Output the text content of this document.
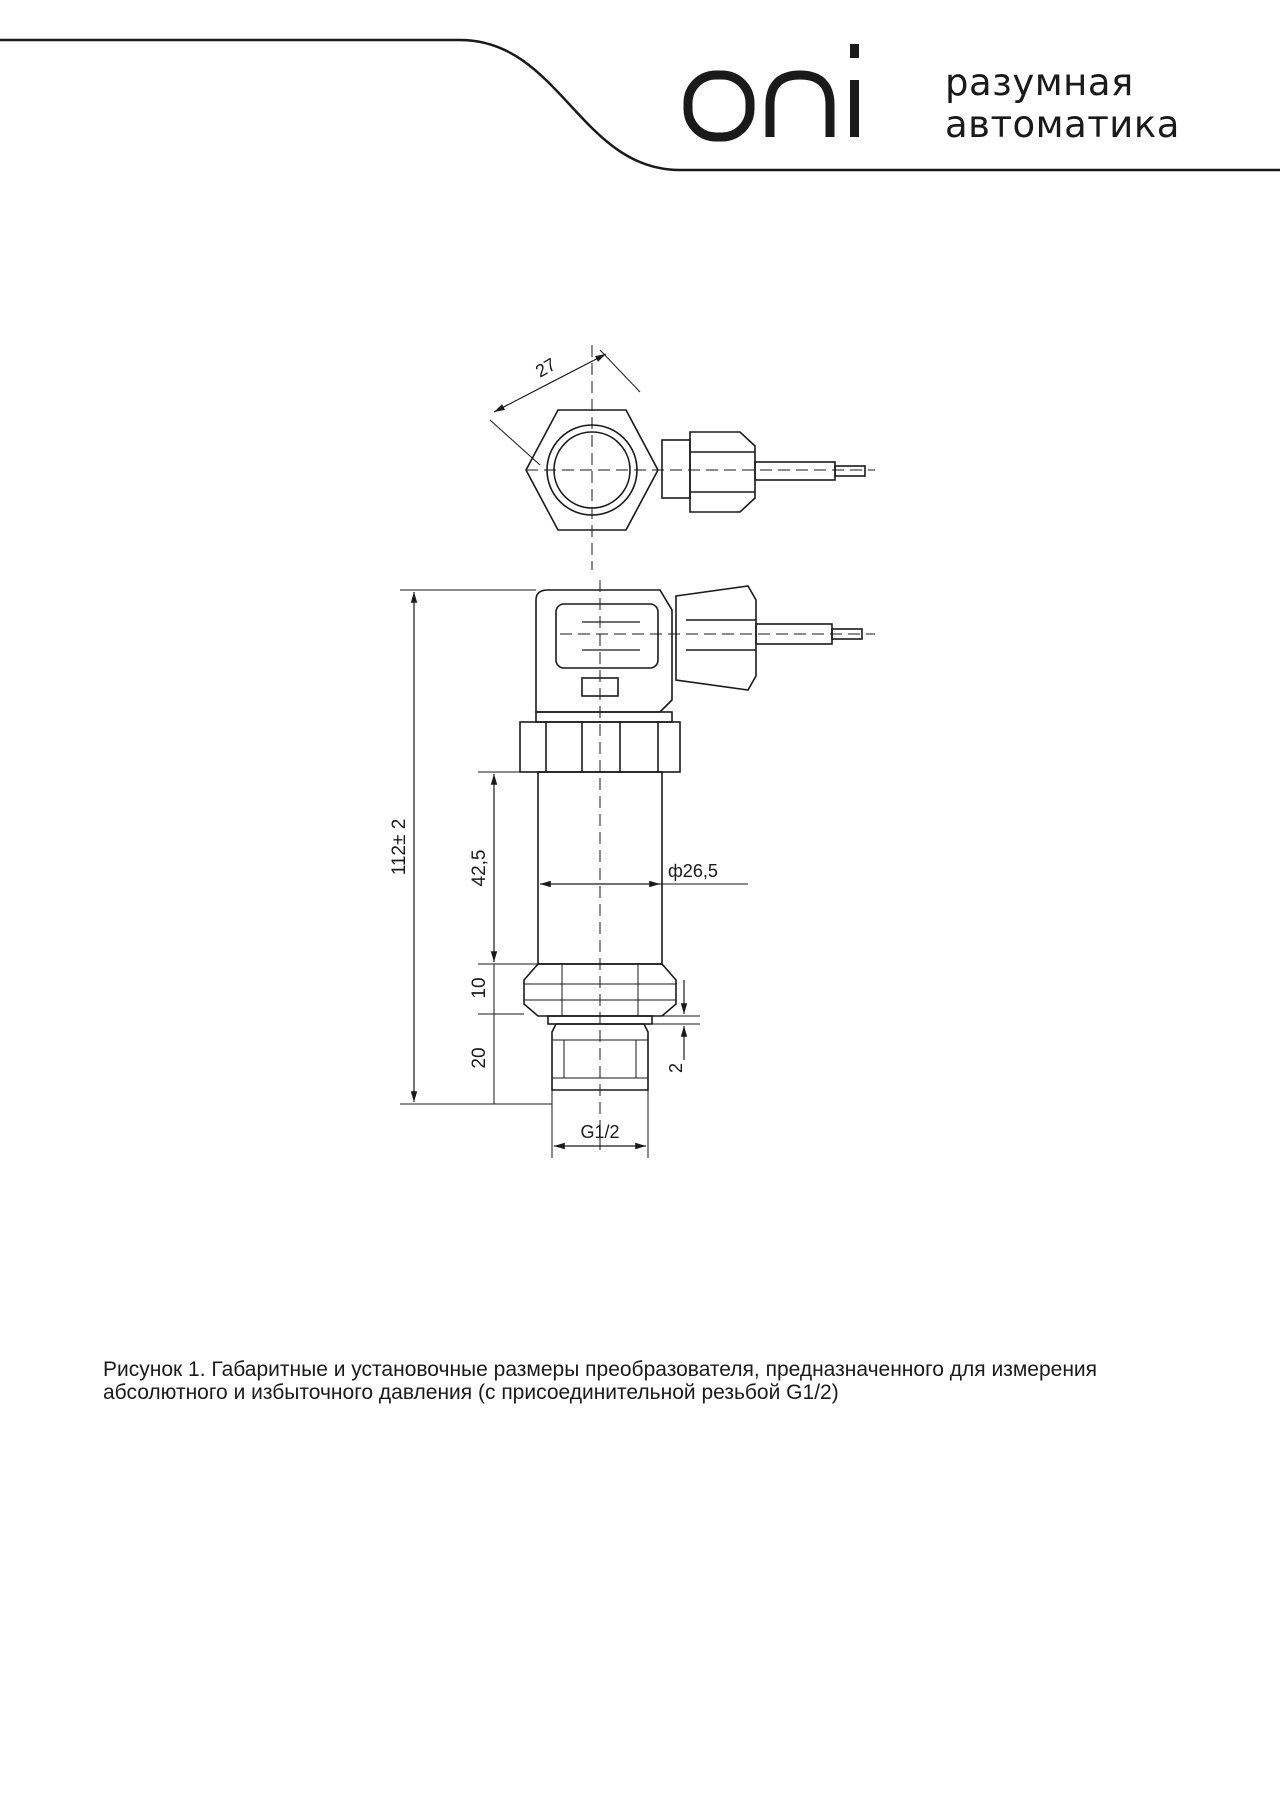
разумная
автоматика
27
112± 2	42,5	ф26,5
10
20	2
G1/2
Рисунок 1. Габаритные и установочные размеры преобразователя, предназначенного для измерения
абсолютного и избыточного давления (с присоединительной резьбой G1/2)
